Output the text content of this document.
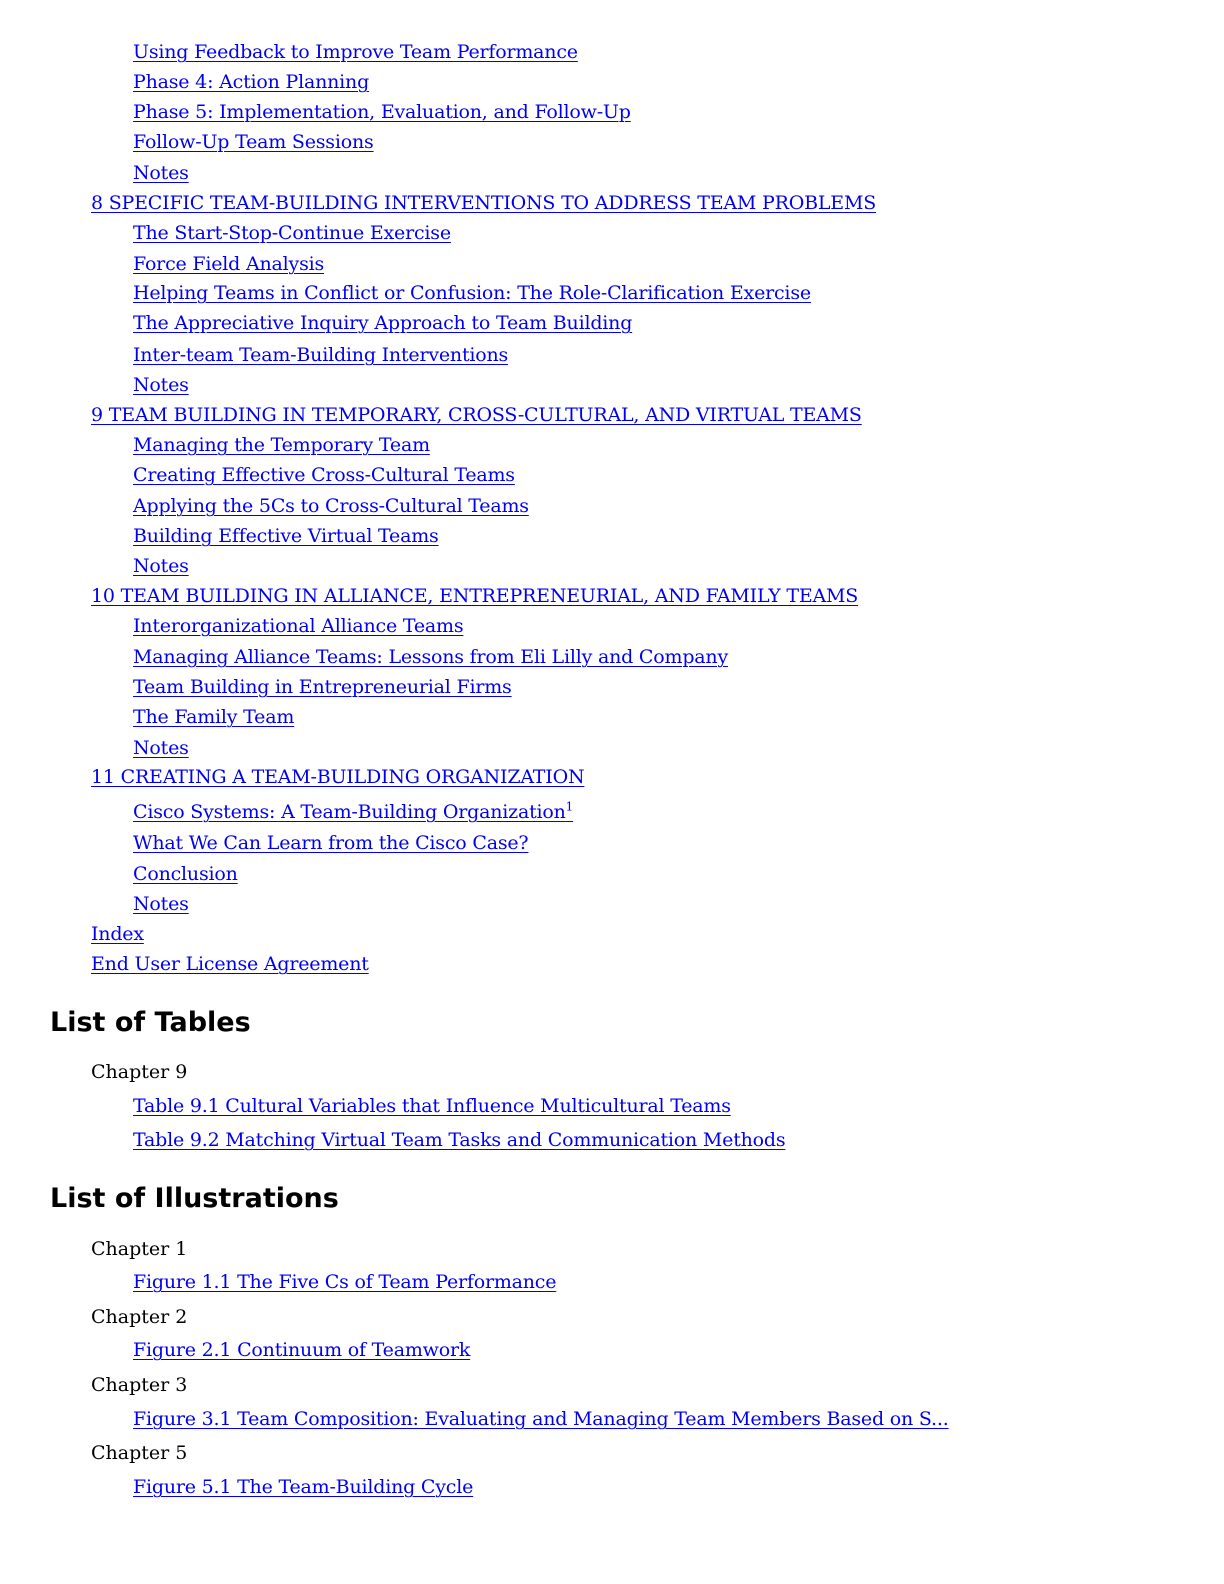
Using Feedback to Improve Team Performance
Phase 4: Action Planning
Phase 5: Implementation, Evaluation, and Follow-Up
Follow-Up Team Sessions
Notes
8 SPECIFIC TEAM-BUILDING INTERVENTIONS TO ADDRESS TEAM PROBLEMS
The Start-Stop-Continue Exercise
Force Field Analysis
Helping Teams in Conflict or Confusion: The Role-Clarification Exercise
The Appreciative Inquiry Approach to Team Building
Inter-team Team-Building Interventions
Notes
9 TEAM BUILDING IN TEMPORARY, CROSS-CULTURAL, AND VIRTUAL TEAMS
Managing the Temporary Team
Creating Effective Cross-Cultural Teams
Applying the 5Cs to Cross-Cultural Teams
Building Effective Virtual Teams
Notes
10 TEAM BUILDING IN ALLIANCE, ENTREPRENEURIAL, AND FAMILY TEAMS
Interorganizational Alliance Teams
Managing Alliance Teams: Lessons from Eli Lilly and Company
Team Building in Entrepreneurial Firms
The Family Team
Notes
11 CREATING A TEAM-BUILDING ORGANIZATION
Cisco Systems: A Team-Building Organization$^1$
What We Can Learn from the Cisco Case?
Conclusion
Notes
Index
End User License Agreement
List of Tables
Chapter 9
Table 9.1 Cultural Variables that Influence Multicultural Teams
Table 9.2 Matching Virtual Team Tasks and Communication Methods
List of Illustrations
Chapter 1
Figure 1.1 The Five Cs of Team Performance
Chapter 2
Figure 2.1 Continuum of Teamwork
Chapter 3
Figure 3.1 Team Composition: Evaluating and Managing Team Members Based on S...
Chapter 5
Figure 5.1 The Team-Building Cycle
